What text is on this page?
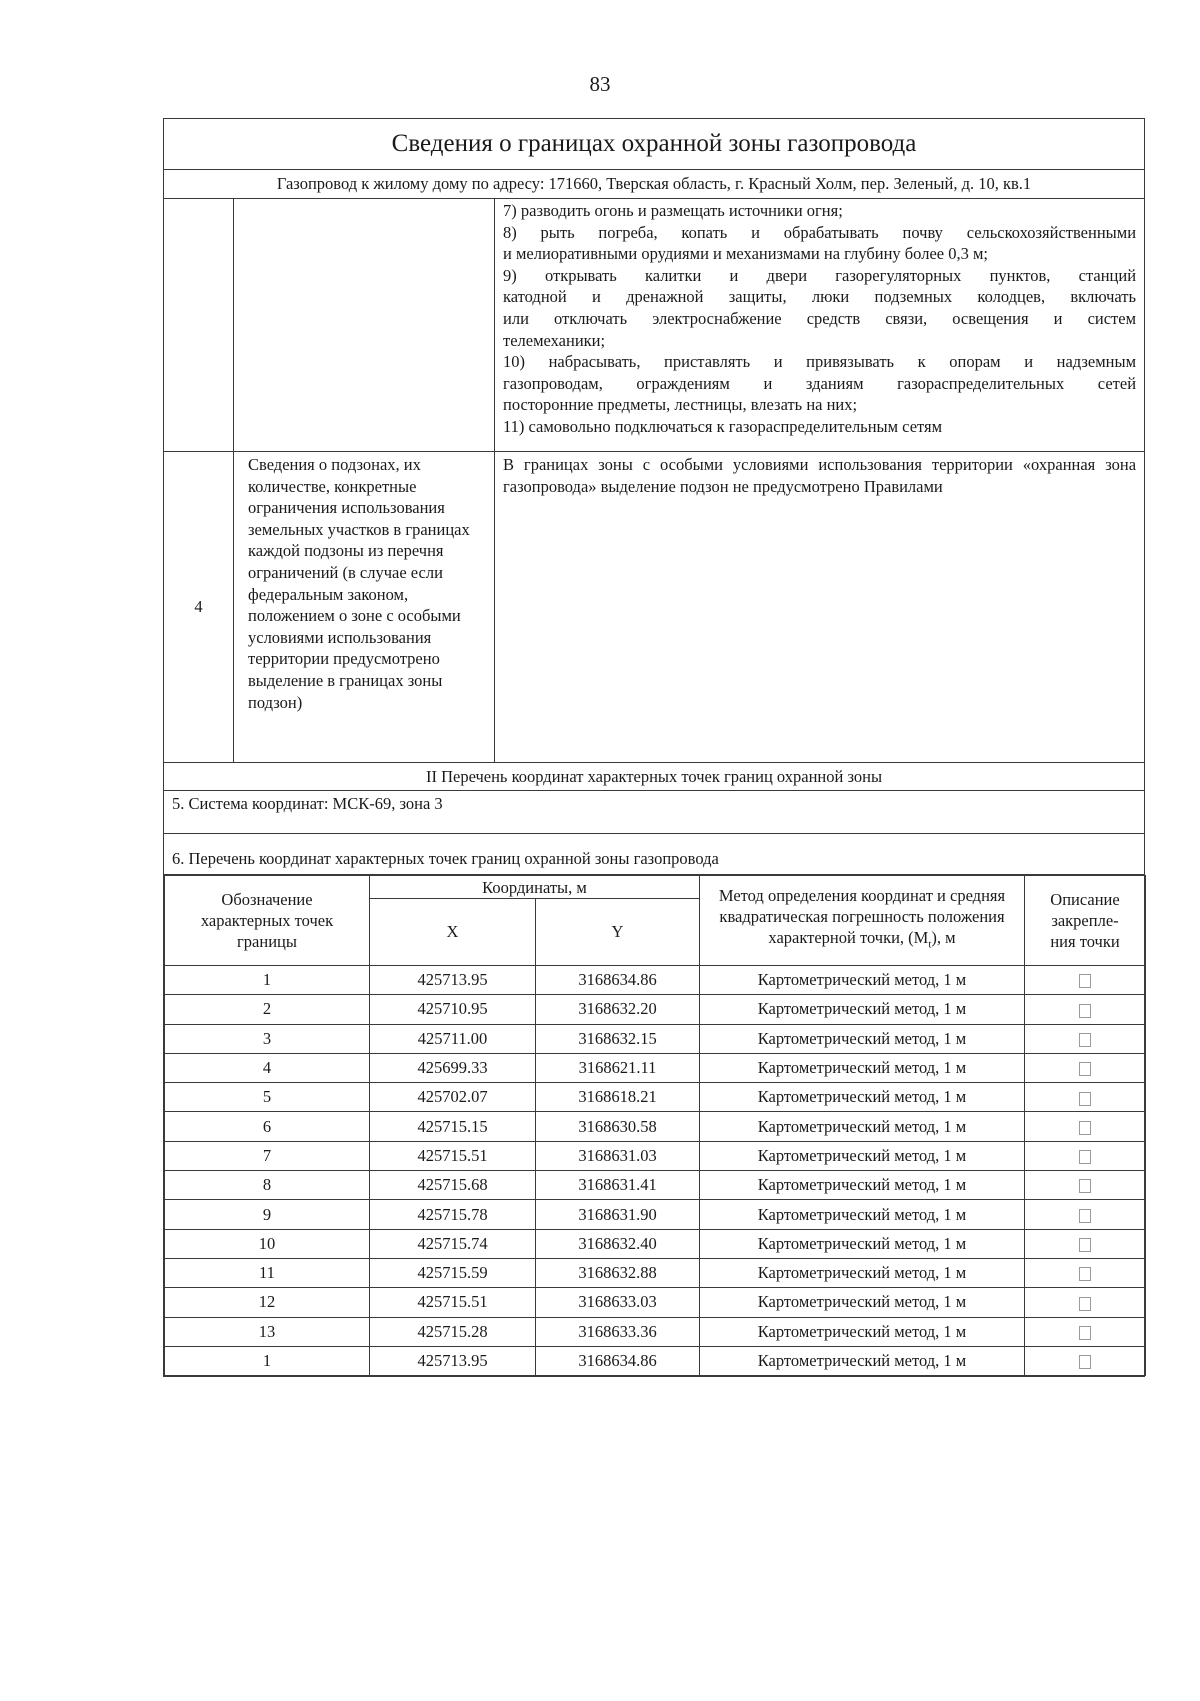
83
Сведения о границах охранной зоны газопровода
Газопровод к жилому дому по адресу: 171660, Тверская область, г. Красный Холм, пер. Зеленый, д. 10, кв.1

7) разводить огонь и размещать источники огня;
8) рыть погреба, копать и обрабатывать почву сельскохозяйственными
и мелиоративными орудиями и механизмами на глубину более 0,3 м;
9) открывать калитки и двери газорегуляторных пунктов, станций
катодной и дренажной защиты, люки подземных колодцев, включать
или отключать электроснабжение средств связи, освещения и систем
телемеханики;
10) набрасывать, приставлять и привязывать к опорам и надземным
газопроводам, ограждениям и зданиям газораспределительных сетей
посторонние предметы, лестницы, влезать на них;
11) самовольно подключаться к газораспределительным сетям

4	Сведения о подзонах, их количестве, конкретные ограничения использования земельных участков в границах каждой подзоны из перечня ограничений (в случае если федеральным законом, положением о зоне с особыми условиями использования территории предусмотрено выделение в границах зоны подзон)	В границах зоны с особыми условиями использования территории «охранная зона газопровода» выделение подзон не предусмотрено Правилами
II Перечень координат характерных точек границ охранной зоны
5. Система координат: МСК-69, зона 3
6. Перечень координат характерных точек границ охранной зоны газопровода

Обозначение характерных точек границы	Координаты, м	Метод определения координат и средняя квадратическая погрешность положения характерной точки, $(M_t)$, м	Описание закрепле-ния точки
X	Y
1	425713.95	3168634.86	Картометрический метод, 1 м	
2	425710.95	3168632.20	Картометрический метод, 1 м	
3	425711.00	3168632.15	Картометрический метод, 1 м	
4	425699.33	3168621.11	Картометрический метод, 1 м	
5	425702.07	3168618.21	Картометрический метод, 1 м	
6	425715.15	3168630.58	Картометрический метод, 1 м	
7	425715.51	3168631.03	Картометрический метод, 1 м	
8	425715.68	3168631.41	Картометрический метод, 1 м	
9	425715.78	3168631.90	Картометрический метод, 1 м	
10	425715.74	3168632.40	Картометрический метод, 1 м	
11	425715.59	3168632.88	Картометрический метод, 1 м	
12	425715.51	3168633.03	Картометрический метод, 1 м	
13	425715.28	3168633.36	Картометрический метод, 1 м	
1	425713.95	3168634.86	Картометрический метод, 1 м	
